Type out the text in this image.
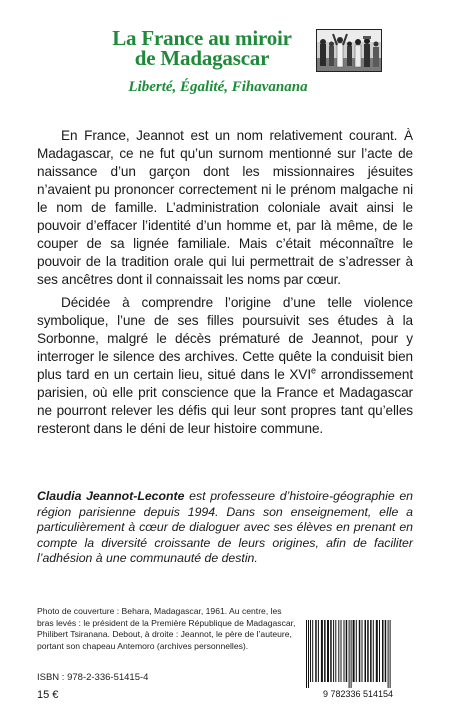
La France au miroir
de Madagascar
Liberté, Égalité, Fihavanana

En France, Jeannot est un nom relativement courant. À Madagascar, ce ne fut qu’un surnom mentionné sur l’acte de naissance d’un garçon dont les missionnaires jésuites n’avaient pu prononcer correctement ni le prénom malgache ni le nom de famille. L’administration coloniale avait ainsi le pouvoir d’effacer l’identité d’un homme et, par là même, de le couper de sa lignée familiale. Mais c’était méconnaître le pouvoir de la tradition orale qui lui permettrait de s’adresser à ses ancêtres dont il connaissait les noms par cœur.

Décidée à comprendre l’origine d’une telle violence symbolique, l’une de ses filles poursuivit ses études à la Sorbonne, malgré le décès prématuré de Jeannot, pour y interroger le silence des archives. Cette quête la conduisit bien plus tard en un certain lieu, situé dans le XVIe arrondissement parisien, où elle prit conscience que la France et Madagascar ne pourront relever les défis qui leur sont propres tant qu’elles resteront dans le déni de leur histoire commune.

Claudia Jeannot-Leconte est professeure d’histoire-géographie en région parisienne depuis 1994. Dans son enseignement, elle a particulièrement à cœur de dialoguer avec ses élèves en prenant en compte la diversité croissante de leurs origines, afin de faciliter l’adhésion à une communauté de destin.
Photo de couverture : Behara, Madagascar, 1961. Au centre, les bras levés : le président de la Première République de Madagascar, Philibert Tsiranana. Debout, à droite : Jeannot, le père de l’auteure, portant son chapeau Antemoro (archives personnelles).
ISBN : 978-2-336-51415-4
15 €	9 782336 514154
